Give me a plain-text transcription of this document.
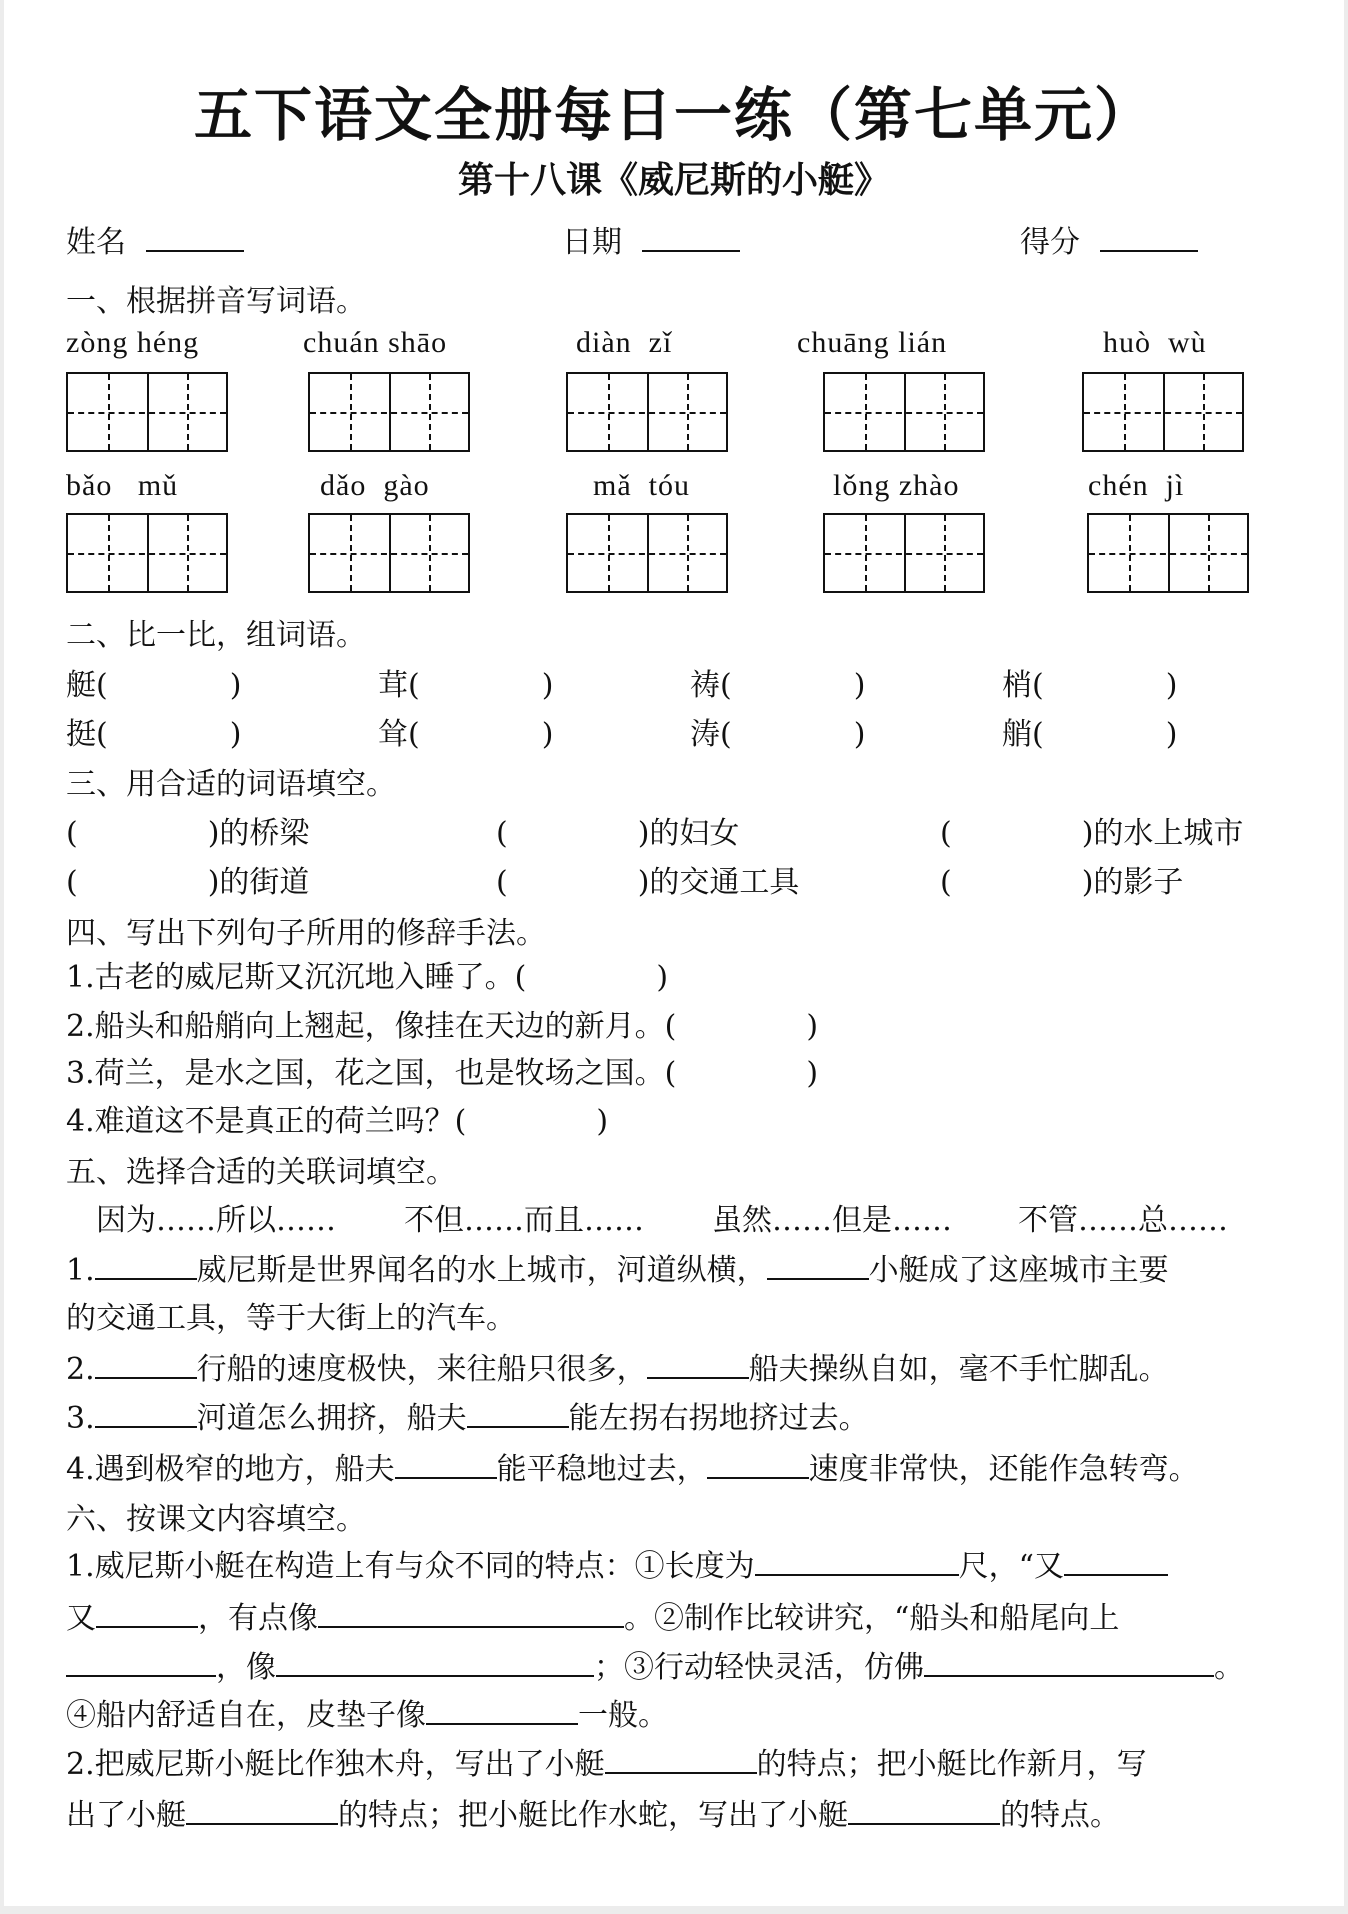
五下语文全册每日一练（第七单元）
第十八课《威尼斯的小艇》
姓名	日期	得分
一、根据拼音写词语。
zòng héng	chuán shāo	diàn  zǐ	chuāng lián	huò  wù
bǎo   mǔ	dǎo  gào	mǎ  tóu	lǒng zhào	chén  jì
二、比一比，组词语。
艇(	)	茸(	)	祷(	)	梢(	)
挺(	)	耸(	)	涛(	)	艄(	)
三、用合适的词语填空。
(	)的桥梁	(	)的妇女	(	)的水上城市
(	)的街道	(	)的交通工具	(	)的影子
四、写出下列句子所用的修辞手法。
1.古老的威尼斯又沉沉地入睡了。(	)
2.船头和船艄向上翘起，像挂在天边的新月。(	)
3.荷兰，是水之国，花之国，也是牧场之国。(	)
4.难道这不是真正的荷兰吗？(	)
五、选择合适的关联词填空。
因为……所以…… 不但……而且…… 虽然……但是…… 不管……总……
1.	威尼斯是世界闻名的水上城市，河道纵横，	小艇成了这座城市主要
的交通工具，等于大街上的汽车。
2.	行船的速度极快，来往船只很多，	船夫操纵自如，毫不手忙脚乱。
3.	河道怎么拥挤，船夫	能左拐右拐地挤过去。
4.遇到极窄的地方，船夫	能平稳地过去，	速度非常快，还能作急转弯。
六、按课文内容填空。
1.威尼斯小艇在构造上有与众不同的特点：①长度为	尺，“又
又	，有点像	。②制作比较讲究，“船头和船尾向上
，像	；③行动轻快灵活，仿佛	。
④船内舒适自在，皮垫子像	一般。
2.把威尼斯小艇比作独木舟，写出了小艇	的特点；把小艇比作新月，写
出了小艇	的特点；把小艇比作水蛇，写出了小艇	的特点。
